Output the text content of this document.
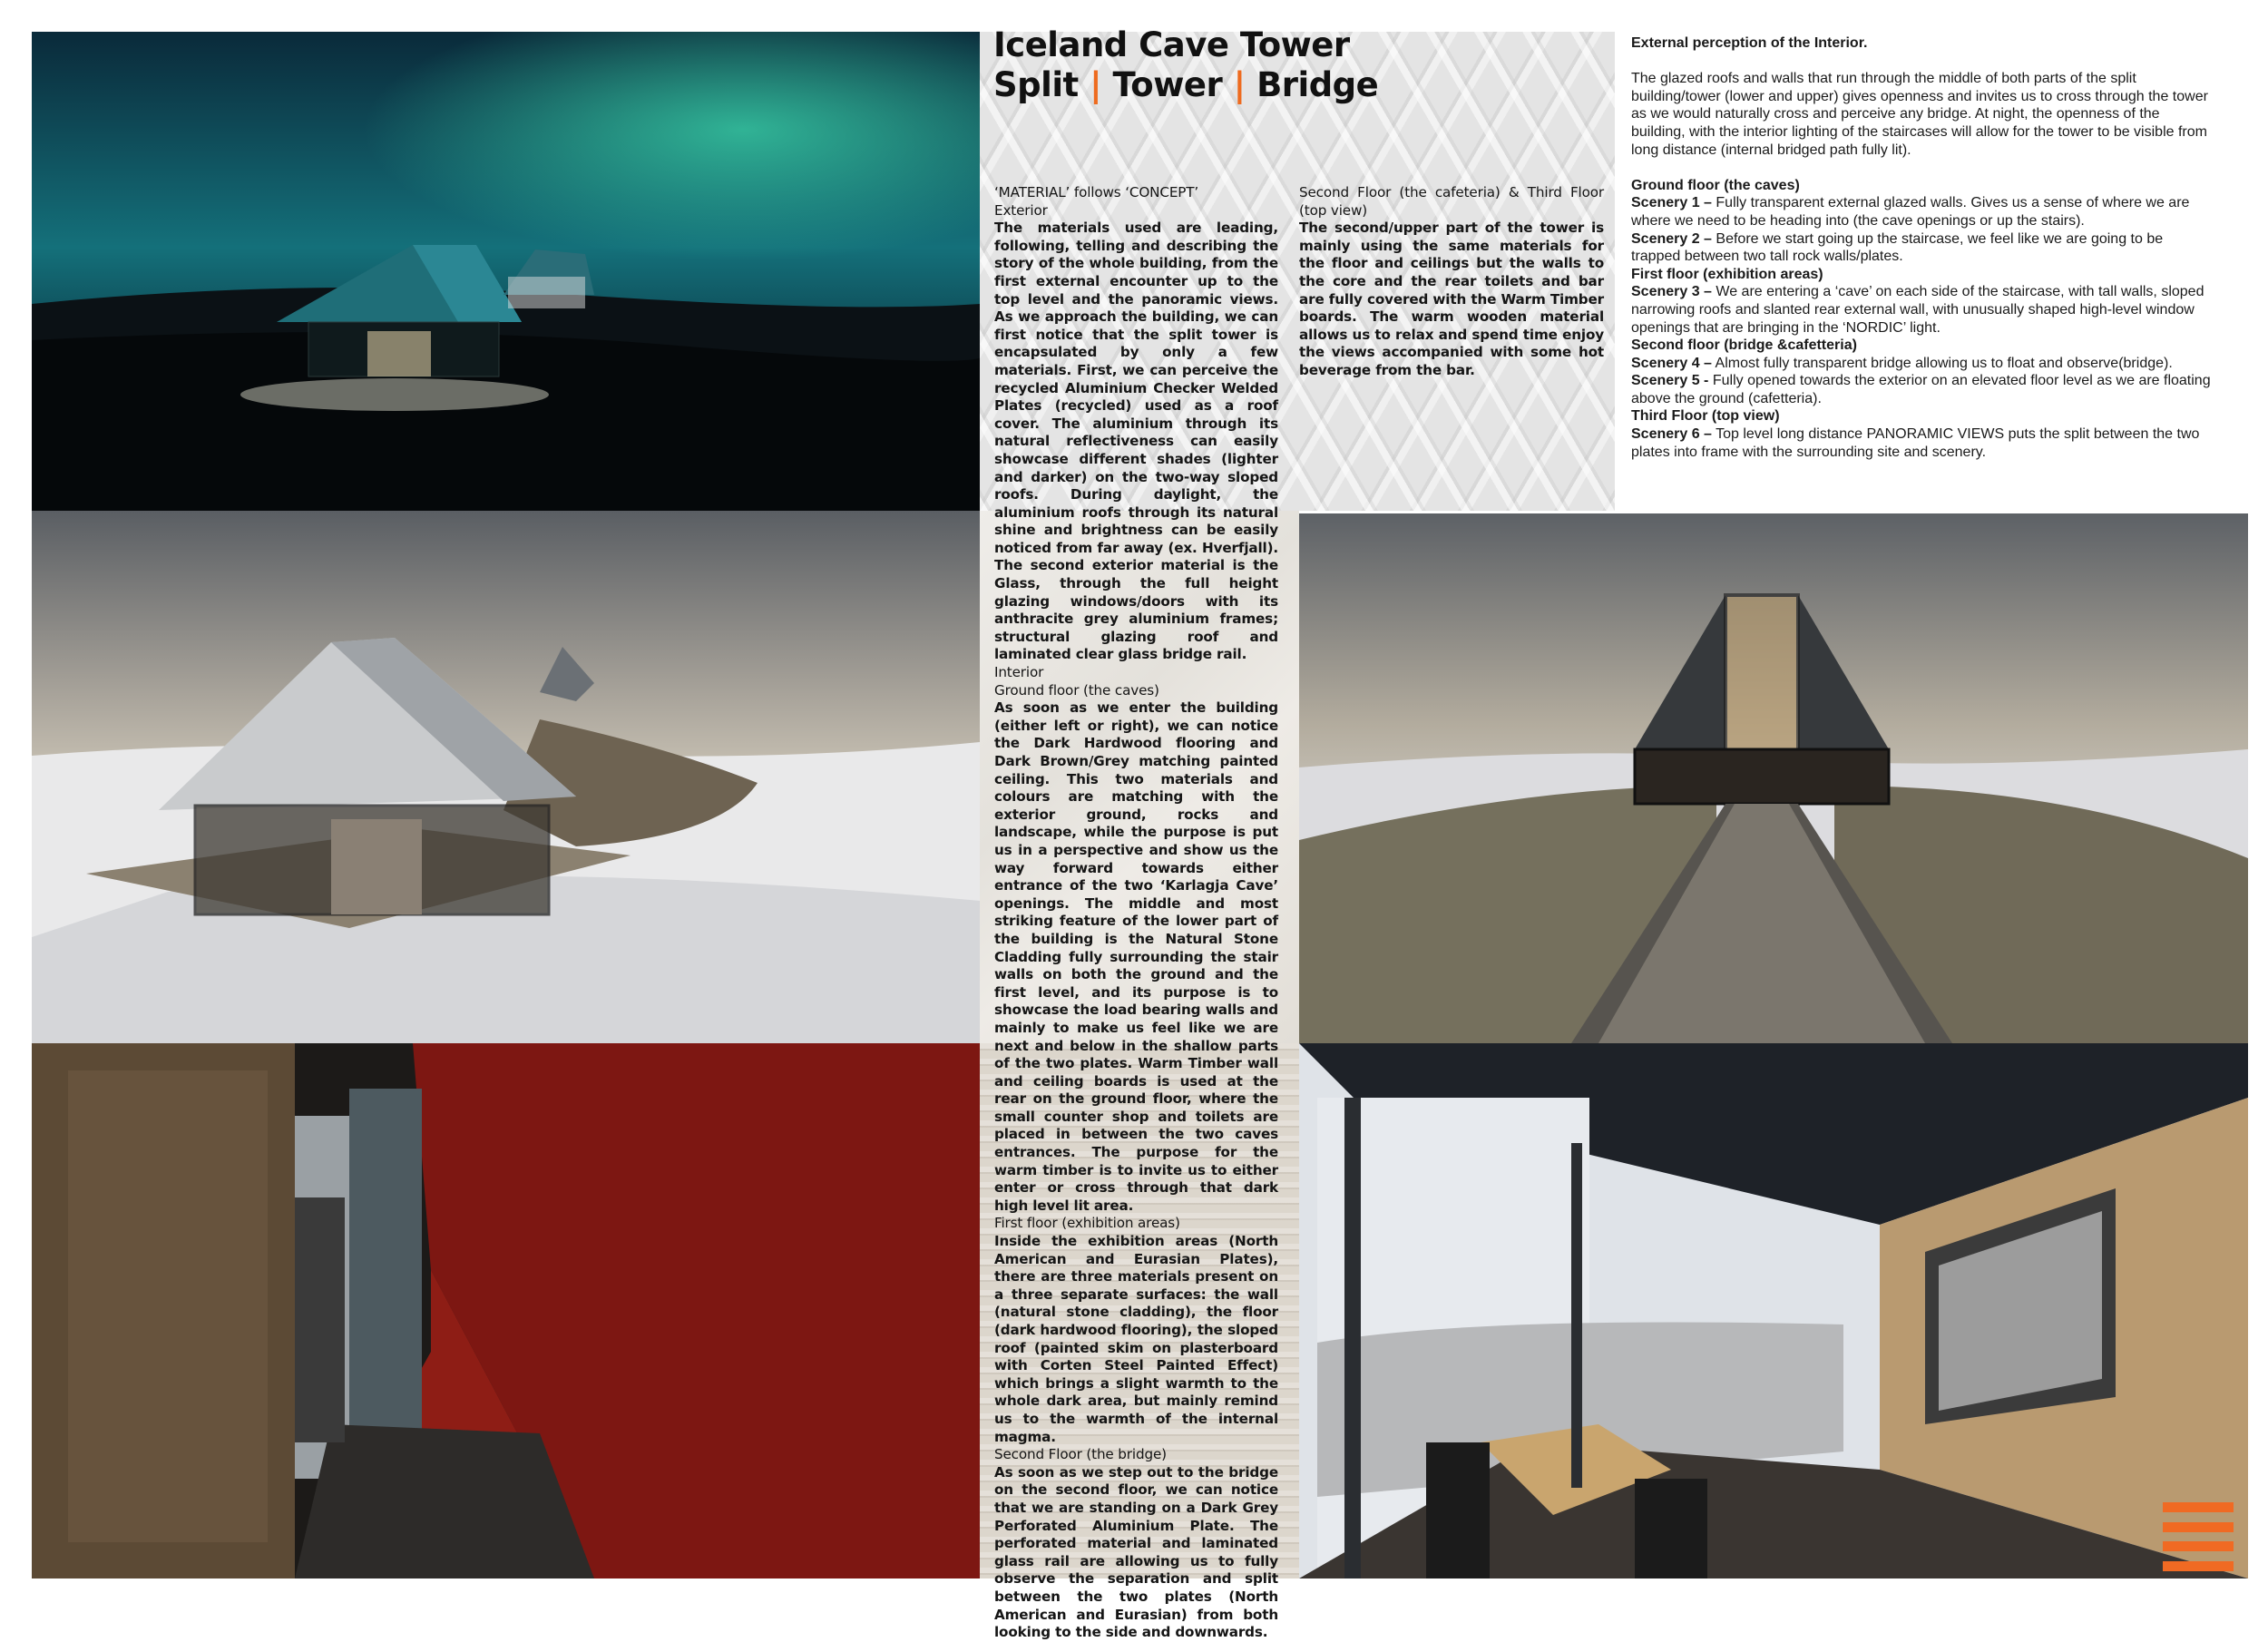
Iceland Cave Tower
Split | Tower | Bridge
‘MATERIAL’ follows ‘CONCEPT’
Exterior
The materials used are leading, following, telling and describing the story of the whole building, from the first external encounter up to the top level and the panoramic views. As we approach the building, we can first notice that the split tower is encapsulated by only a few materials. First, we can perceive the recycled Aluminium Checker Welded Plates (recycled) used as a roof cover. The aluminium through its natural reflectiveness can easily showcase different shades (lighter and darker) on the two-way sloped roofs. During daylight, the aluminium roofs through its natural shine and brightness can be easily noticed from far away (ex. Hverfjall). The second exterior material is the Glass, through the full height glazing windows/doors with its anthracite grey aluminium frames; structural glazing roof and laminated clear glass bridge rail.
Interior
Ground floor (the caves)
As soon as we enter the building (either left or right), we can notice the Dark Hardwood flooring and Dark Brown/Grey matching painted ceiling. This two materials and colours are matching with the exterior ground, rocks and landscape, while the purpose is put us in a perspective and show us the way forward towards either entrance of the two ‘Karlagja Cave’ openings. The middle and most striking feature of the lower part of the building is the Natural Stone Cladding fully surrounding the stair walls on both the ground and the first level, and its purpose is to showcase the load bearing walls and mainly to make us feel like we are next and below in the shallow parts of the two plates. Warm Timber wall and ceiling boards is used at the rear on the ground floor, where the small counter shop and toilets are placed in between the two caves entrances. The purpose for the warm timber is to invite us to either enter or cross through that dark high level lit area.
First floor (exhibition areas)
Inside the exhibition areas (North American and Eurasian Plates), there are three materials present on a three separate surfaces: the wall (natural stone cladding), the floor (dark hardwood flooring), the sloped roof (painted skim on plasterboard with Corten Steel Painted Effect) which brings a slight warmth to the whole dark area, but mainly remind us to the warmth of the internal magma.
Second Floor (the bridge)
As soon as we step out to the bridge on the second floor, we can notice that we are standing on a Dark Grey Perforated Aluminium Plate. The perforated material and laminated glass rail are allowing us to fully observe the separation and split between the two plates (North American and Eurasian) from both looking to the side and downwards.
Second Floor (the cafeteria) & Third Floor (top view)
The second/upper part of the tower is mainly using the same materials for the floor and ceilings but the walls to the core and the rear toilets and bar are fully covered with the Warm Timber boards. The warm wooden material allows us to relax and spend time enjoy the views accompanied with some hot beverage from the bar.

External perception of the Interior.

The glazed roofs and walls that run through the middle of both parts of the split building/tower (lower and upper) gives openness and invites us to cross through the tower as we would naturally cross and perceive any bridge. At night, the openness of the building, with the interior lighting of the staircases will allow for the tower to be visible from long distance (internal bridged path fully lit).

Ground floor (the caves)

Scenery 1 – Fully transparent external glazed walls. Gives us a sense of where we are where we need to be heading into (the cave openings or up the stairs).

Scenery 2 – Before we start going up the staircase, we feel like we are going to be trapped between two tall rock walls/plates.

First floor (exhibition areas)

Scenery 3 – We are entering a ‘cave’ on each side of the staircase, with tall walls, sloped narrowing roofs and slanted rear external wall, with unusually shaped high-level window openings that are bringing in the ‘NORDIC’ light.

Second floor (bridge &cafetteria)

Scenery 4 – Almost fully transparent bridge allowing us to float and observe(bridge).

Scenery 5 - Fully opened towards the exterior on an elevated floor level as we are floating above the ground (cafetteria).

Third Floor (top view)

Scenery 6 – Top level long distance PANORAMIC VIEWS puts the split between the two plates into frame with the surrounding site and scenery.
